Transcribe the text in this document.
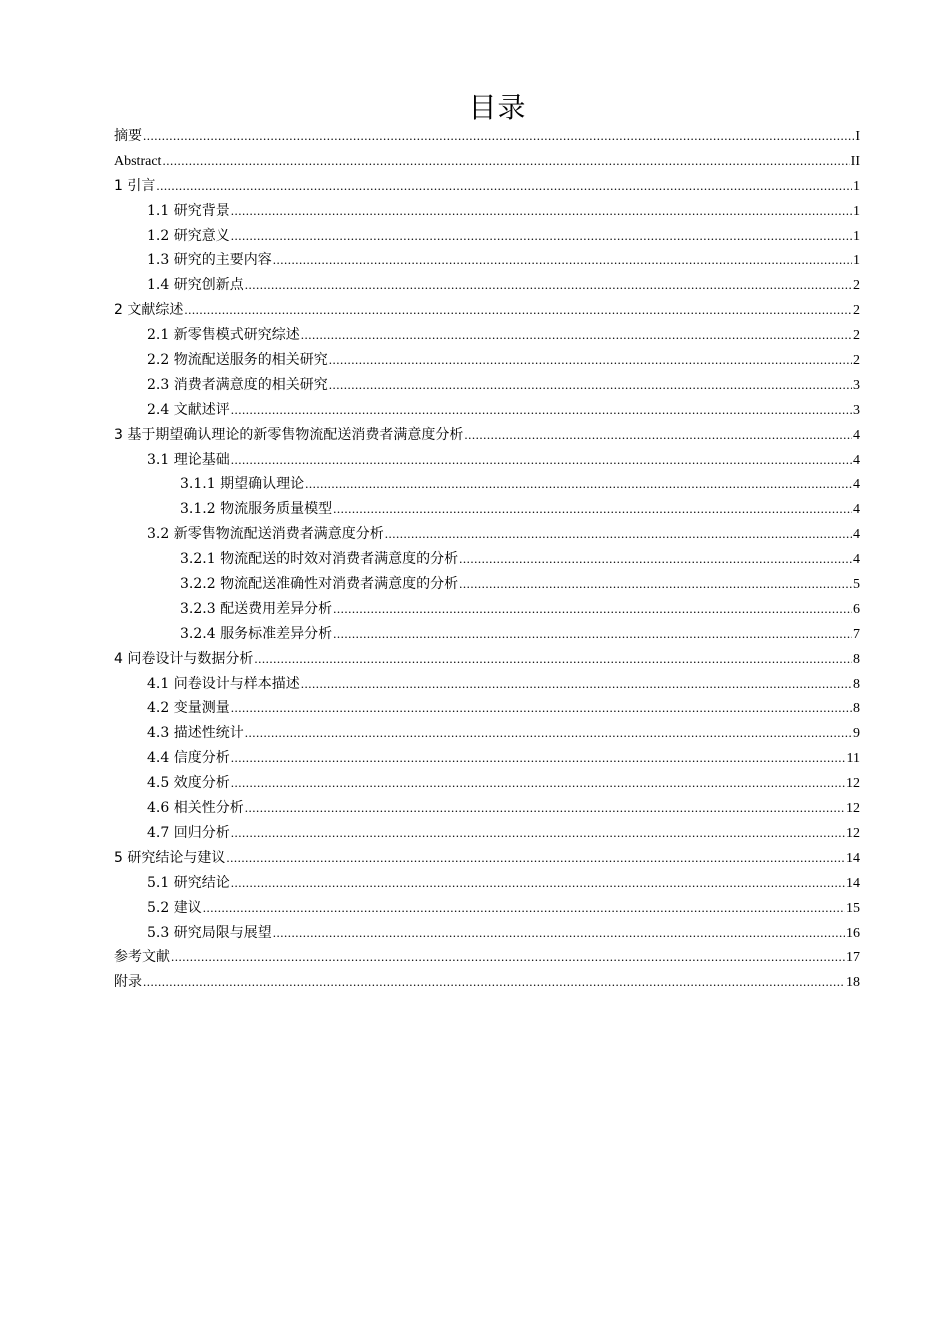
目录
摘要 .....	I
Abstract .....	II
1 引言 .....	1
1.1 研究背景 .....	1
1.2 研究意义 .....	1
1.3 研究的主要内容 .....	1
1.4 研究创新点 .....	2
2 文献综述 .....	2
2.1 新零售模式研究综述 .....	2
2.2 物流配送服务的相关研究 .....	2
2.3 消费者满意度的相关研究 .....	3
2.4 文献述评 .....	3
3 基于期望确认理论的新零售物流配送消费者满意度分析 .....	4
3.1 理论基础 .....	4
3.1.1 期望确认理论 .....	4
3.1.2 物流服务质量模型 .....	4
3.2 新零售物流配送消费者满意度分析 .....	4
3.2.1 物流配送的时效对消费者满意度的分析 .....	4
3.2.2 物流配送准确性对消费者满意度的分析 .....	5
3.2.3 配送费用差异分析 .....	6
3.2.4 服务标准差异分析 .....	7
4 问卷设计与数据分析 .....	8
4.1 问卷设计与样本描述 .....	8
4.2 变量测量 .....	8
4.3 描述性统计 .....	9
4.4 信度分析 .....	11
4.5 效度分析 .....	12
4.6 相关性分析 .....	12
4.7 回归分析 .....	12
5 研究结论与建议 .....	14
5.1 研究结论 .....	14
5.2 建议 .....	15
5.3 研究局限与展望 .....	16
参考文献 .....	17
附录 .....	18
